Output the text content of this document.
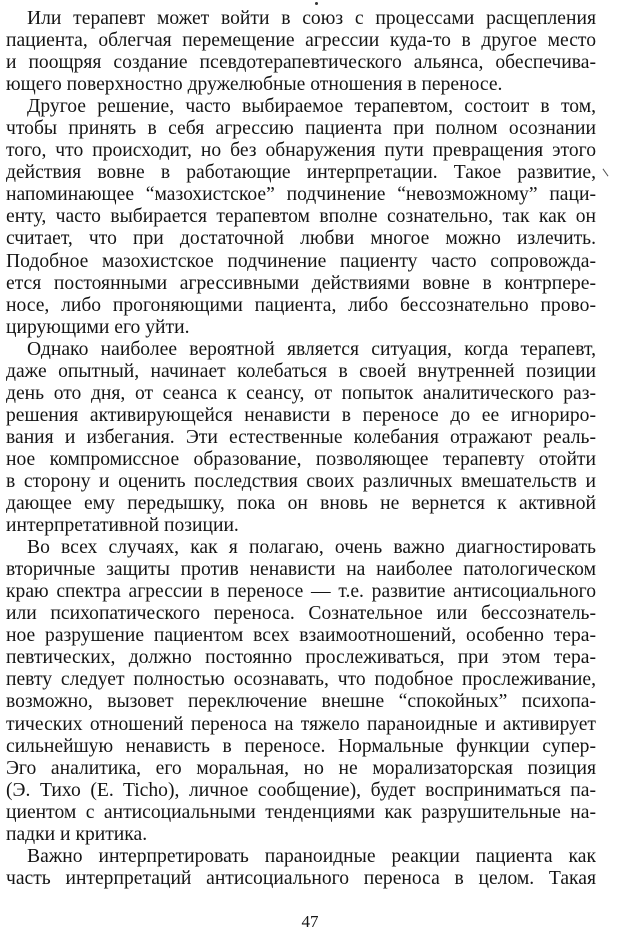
Или терапевт может войти в союз с процессами расщепления
пациента, облегчая перемещение агрессии куда-то в другое место
и поощряя создание псевдотерапевтического альянса, обеспечива-
ющего поверхностно дружелюбные отношения в переносе.
Другое решение, часто выбираемое терапевтом, состоит в том,
чтобы принять в себя агрессию пациента при полном осознании
того, что происходит, но без обнаружения пути превращения этого
действия вовне в работающие интерпретации. Такое развитие,
напоминающее “мазохистское” подчинение “невозможному” паци-
енту, часто выбирается терапевтом вполне сознательно, так как он
считает, что при достаточной любви многое можно излечить.
Подобное мазохистское подчинение пациенту часто сопровожда-
ется постоянными агрессивными действиями вовне в контрпере-
носе, либо прогоняющими пациента, либо бессознательно прово-
цирующими его уйти.
Однако наиболее вероятной является ситуация, когда терапевт,
даже опытный, начинает колебаться в своей внутренней позиции
день ото дня, от сеанса к сеансу, от попыток аналитического раз-
решения активирующейся ненависти в переносе до ее игнориро-
вания и избегания. Эти естественные колебания отражают реаль-
ное компромиссное образование, позволяющее терапевту отойти
в сторону и оценить последствия своих различных вмешательств и
дающее ему передышку, пока он вновь не вернется к активной
интерпретативной позиции.
Во всех случаях, как я полагаю, очень важно диагностировать
вторичные защиты против ненависти на наиболее патологическом
краю спектра агрессии в переносе — т.е. развитие антисоциального
или психопатического переноса. Сознательное или бессознатель-
ное разрушение пациентом всех взаимоотношений, особенно тера-
певтических, должно постоянно прослеживаться, при этом тера-
певту следует полностью осознавать, что подобное прослеживание,
возможно, вызовет переключение внешне “спокойных” психопа-
тических отношений переноса на тяжело параноидные и активирует
сильнейшую ненависть в переносе. Нормальные функции супер-
Эго аналитика, его моральная, но не морализаторская позиция
(Э. Тихо (E. Ticho), личное сообщение), будет восприниматься па-
циентом с антисоциальными тенденциями как разрушительные на-
падки и критика.
Важно интерпретировать параноидные реакции пациента как
часть интерпретаций антисоциального переноса в целом. Такая
47
